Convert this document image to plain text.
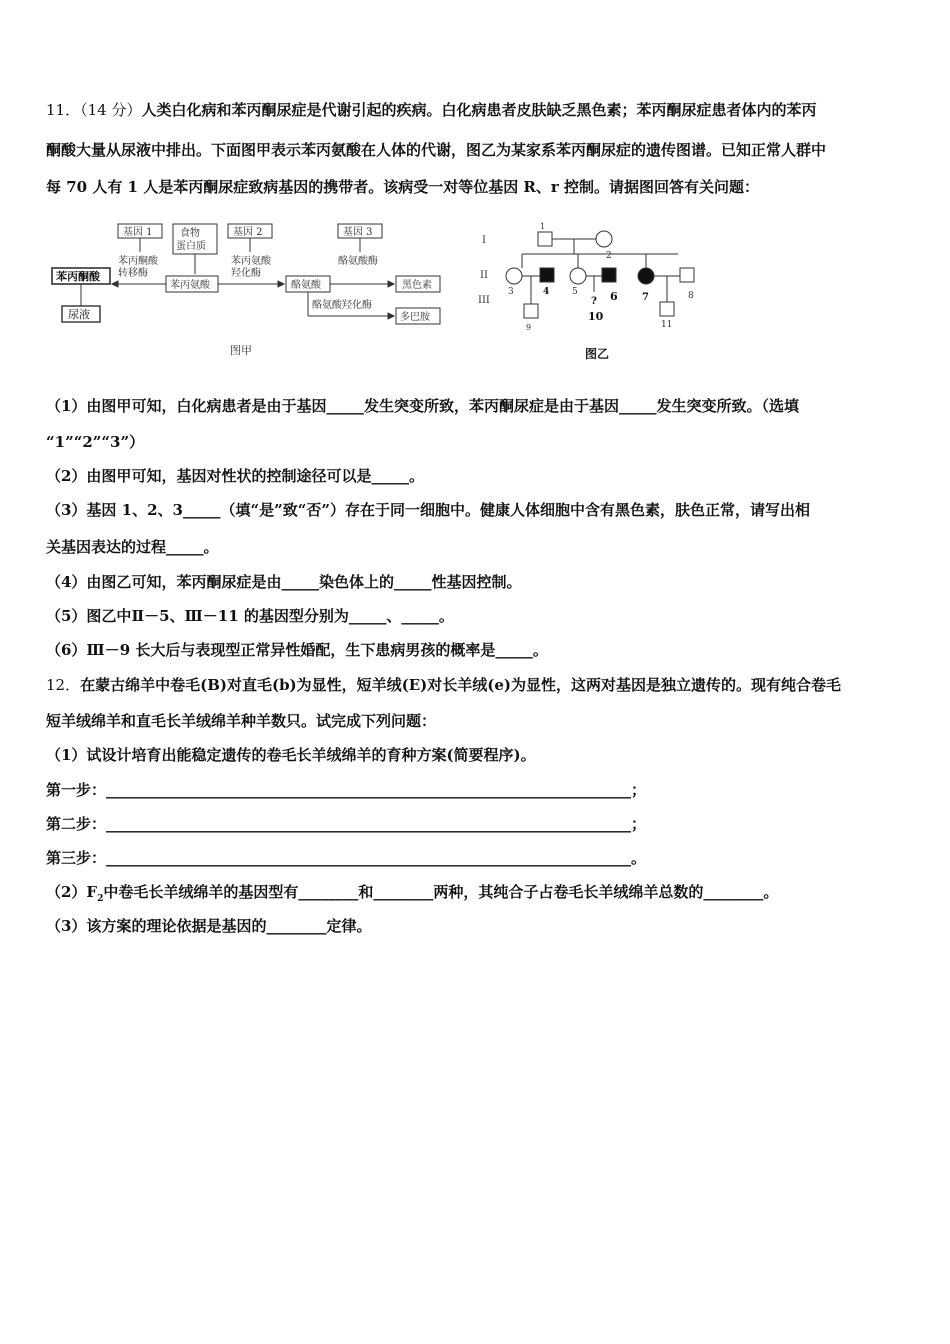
11．（14 分）人类白化病和苯丙酮尿症是代谢引起的疾病。白化病患者皮肤缺乏黑色素；苯丙酮尿症患者体内的苯丙
酮酸大量从尿液中排出。下面图甲表示苯丙氨酸在人体的代谢，图乙为某家系苯丙酮尿症的遗传图谱。已知正常人群中
每 70 人有 1 人是苯丙酮尿症致病基因的携带者。该病受一对等位基因 R、r 控制。请据图回答有关问题：
基因 1	食物
蛋白质
基因 2	基因 3
苯丙酮酸
转移酶
苯丙氨酸
羟化酶
酪氨酸酶
苯丙酮酸
苯丙氨酸	酪氨酸	黑色素
尿液
酪氨酸羟化酶
多巴胺
图甲
I
II
III
1
2
3	4
9
5	6
?
10
7	8
11
图乙
（1）由图甲可知，白化病患者是由于基因_____发生突变所致，苯丙酮尿症是由于基因_____发生突变所致。（选填
“1”“2”“3”）
（2）由图甲可知，基因对性状的控制途径可以是_____。
（3）基因 1、2、3_____（填“是”致“否”）存在于同一细胞中。健康人体细胞中含有黑色素，肤色正常，请写出相
关基因表达的过程_____。
（4）由图乙可知，苯丙酮尿症是由_____染色体上的_____性基因控制。
（5）图乙中Ⅱ－5、Ⅲ－11 的基因型分别为_____、_____。
（6）Ⅲ－9 长大后与表现型正常异性婚配，生下患病男孩的概率是_____。
12．在蒙古绵羊中卷毛(B)对直毛(b)为显性，短羊绒(E)对长羊绒(e)为显性，这两对基因是独立遗传的。现有纯合卷毛
短羊绒绵羊和直毛长羊绒绵羊种羊数只。试完成下列问题：
（1）试设计培育出能稳定遗传的卷毛长羊绒绵羊的育种方案(简要程序)。
第一步：______________________________________________________________________；
第二步：______________________________________________________________________；
第三步：______________________________________________________________________。
$(2)F_2$中卷毛长羊绒绵羊的基因型有________和________两种，其纯合子占卷毛长羊绒绵羊总数的________。
（3）该方案的理论依据是基因的________定律。
